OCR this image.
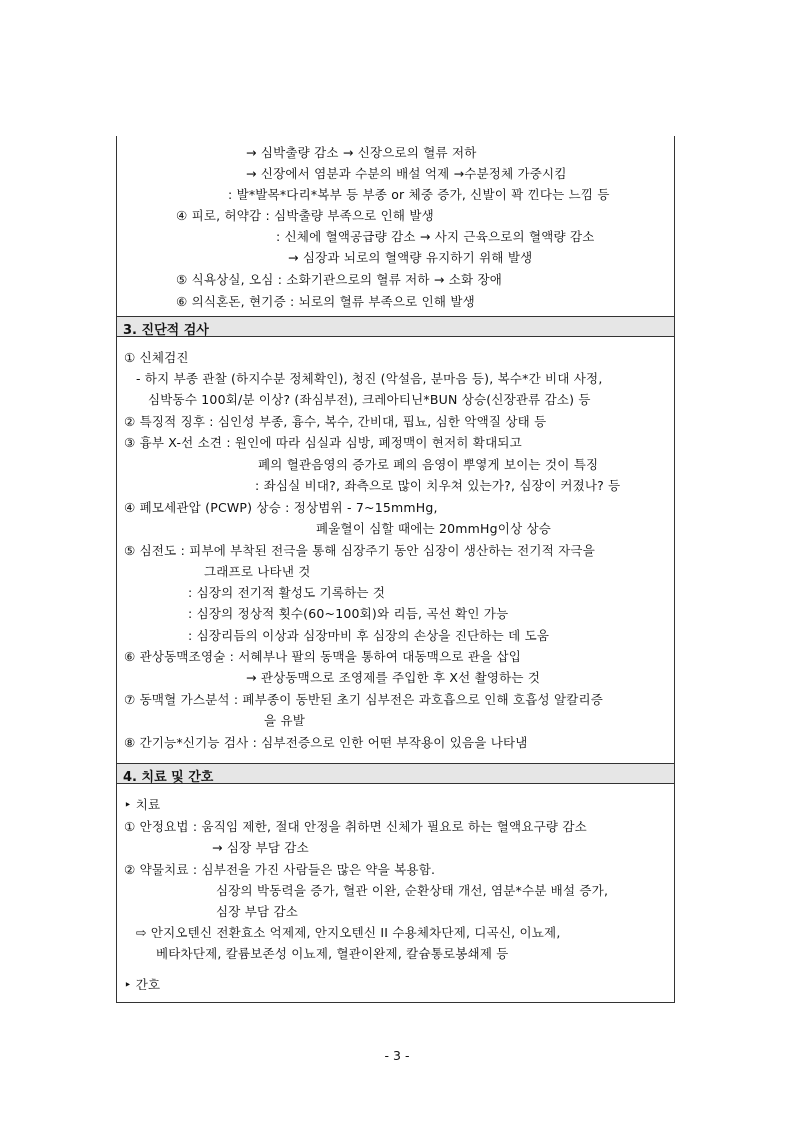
→ 심박출량 감소 → 신장으로의 혈류 저하
→ 신장에서 염분과 수분의 배설 억제 →수분정체 가중시킴
: 발*발목*다리*복부 등 부종 or 체중 증가, 신발이 꽉 낀다는 느낌 등
④ 피로, 허약감 : 심박출량 부족으로 인해 발생
: 신체에 혈액공급량 감소 → 사지 근육으로의 혈액량 감소
→ 심장과 뇌로의 혈액량 유지하기 위해 발생
⑤ 식욕상실, 오심 : 소화기관으로의 혈류 저하 → 소화 장애
⑥ 의식혼돈, 현기증 : 뇌로의 혈류 부족으로 인해 발생
3. 진단적 검사
① 신체검진
- 하지 부종 관찰 (하지수분 정체확인), 청진 (악설음, 분마음 등), 복수*간 비대 사정,
심박동수 100회/분 이상? (좌심부전), 크레아티닌*BUN 상승(신장관류 감소) 등
② 특징적 징후 : 심인성 부종, 흉수, 복수, 간비대, 핍뇨, 심한 악액질 상태 등
③ 흉부 X-선 소견 : 원인에 따라 심실과 심방, 폐정맥이 현저히 확대되고
폐의 혈관음영의 증가로 폐의 음영이 뿌옇게 보이는 것이 특징
: 좌심실 비대?, 좌측으로 많이 치우쳐 있는가?, 심장이 커졌나? 등
④ 폐모세관압 (PCWP) 상승 : 정상범위 - 7~15mmHg,
폐울혈이 심할 때에는 20mmHg이상 상승
⑤ 심전도 : 피부에 부착된 전극을 통해 심장주기 동안 심장이 생산하는 전기적 자극을
그래프로 나타낸 것
: 심장의 전기적 활성도 기록하는 것
: 심장의 정상적 횟수(60~100회)와 리듬, 곡선 확인 가능
: 심장리듬의 이상과 심장마비 후 심장의 손상을 진단하는 데 도움
⑥ 관상동맥조영술 : 서혜부나 팔의 동맥을 통하여 대동맥으로 관을 삽입
→ 관상동맥으로 조영제를 주입한 후 X선 촬영하는 것
⑦ 동맥혈 가스분석 : 폐부종이 동반된 초기 심부전은 과호흡으로 인해 호흡성 알칼리증
을 유발
⑧ 간기능*신기능 검사 : 심부전증으로 인한 어떤 부작용이 있음을 나타냄
4. 치료 및 간호
‣ 치료
① 안정요법 : 움직임 제한, 절대 안정을 취하면 신체가 필요로 하는 혈액요구량 감소
→ 심장 부담 감소
② 약물치료 : 심부전을 가진 사람들은 많은 약을 복용함.
심장의 박동력을 증가, 혈관 이완, 순환상태 개선, 염분*수분 배설 증가,
심장 부담 감소
⇨ 안지오텐신 전환효소 억제제, 안지오텐신 II 수용체차단제, 디곡신, 이뇨제,
베타차단제, 칼륨보존성 이뇨제, 혈관이완제, 칼슘통로봉쇄제 등
‣ 간호
- 3 -
